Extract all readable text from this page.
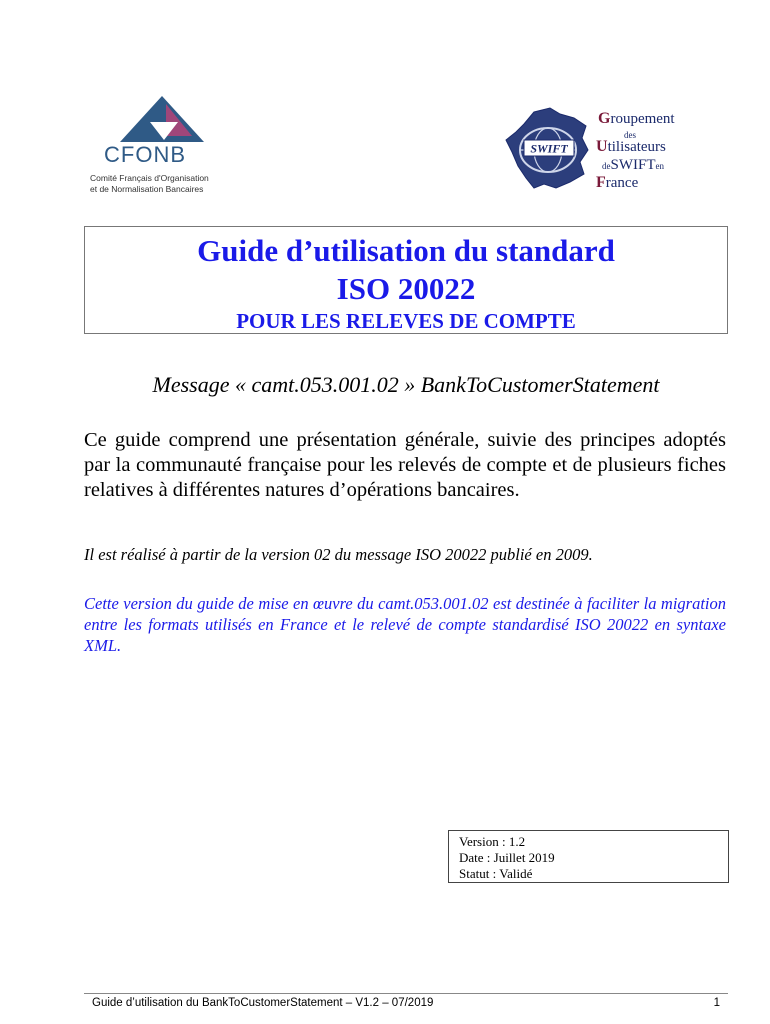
CFONB
Comité Français d'Organisation
et de Normalisation Bancaires
SWIFT
Groupement
des
Utilisateurs
deSWIFTen
France
Guide d’utilisation du standard
ISO 20022
POUR LES RELEVES DE COMPTE
Message « camt.053.001.02 » BankToCustomerStatement
Ce guide comprend une présentation générale, suivie des principes adoptés par la communauté française pour les relevés de compte et de plusieurs fiches relatives à différentes natures d’opérations bancaires.
Il est réalisé à partir de la version 02 du message ISO 20022 publié en 2009.
Cette version du guide de mise en œuvre du camt.053.001.02 est destinée à faciliter la migration entre les formats utilisés en France et le relevé de compte standardisé ISO 20022 en syntaxe XML.
Version : 1.2
Date : Juillet 2019
Statut : Validé
Guide d’utilisation du BankToCustomerStatement – V1.2 – 07/2019	1
